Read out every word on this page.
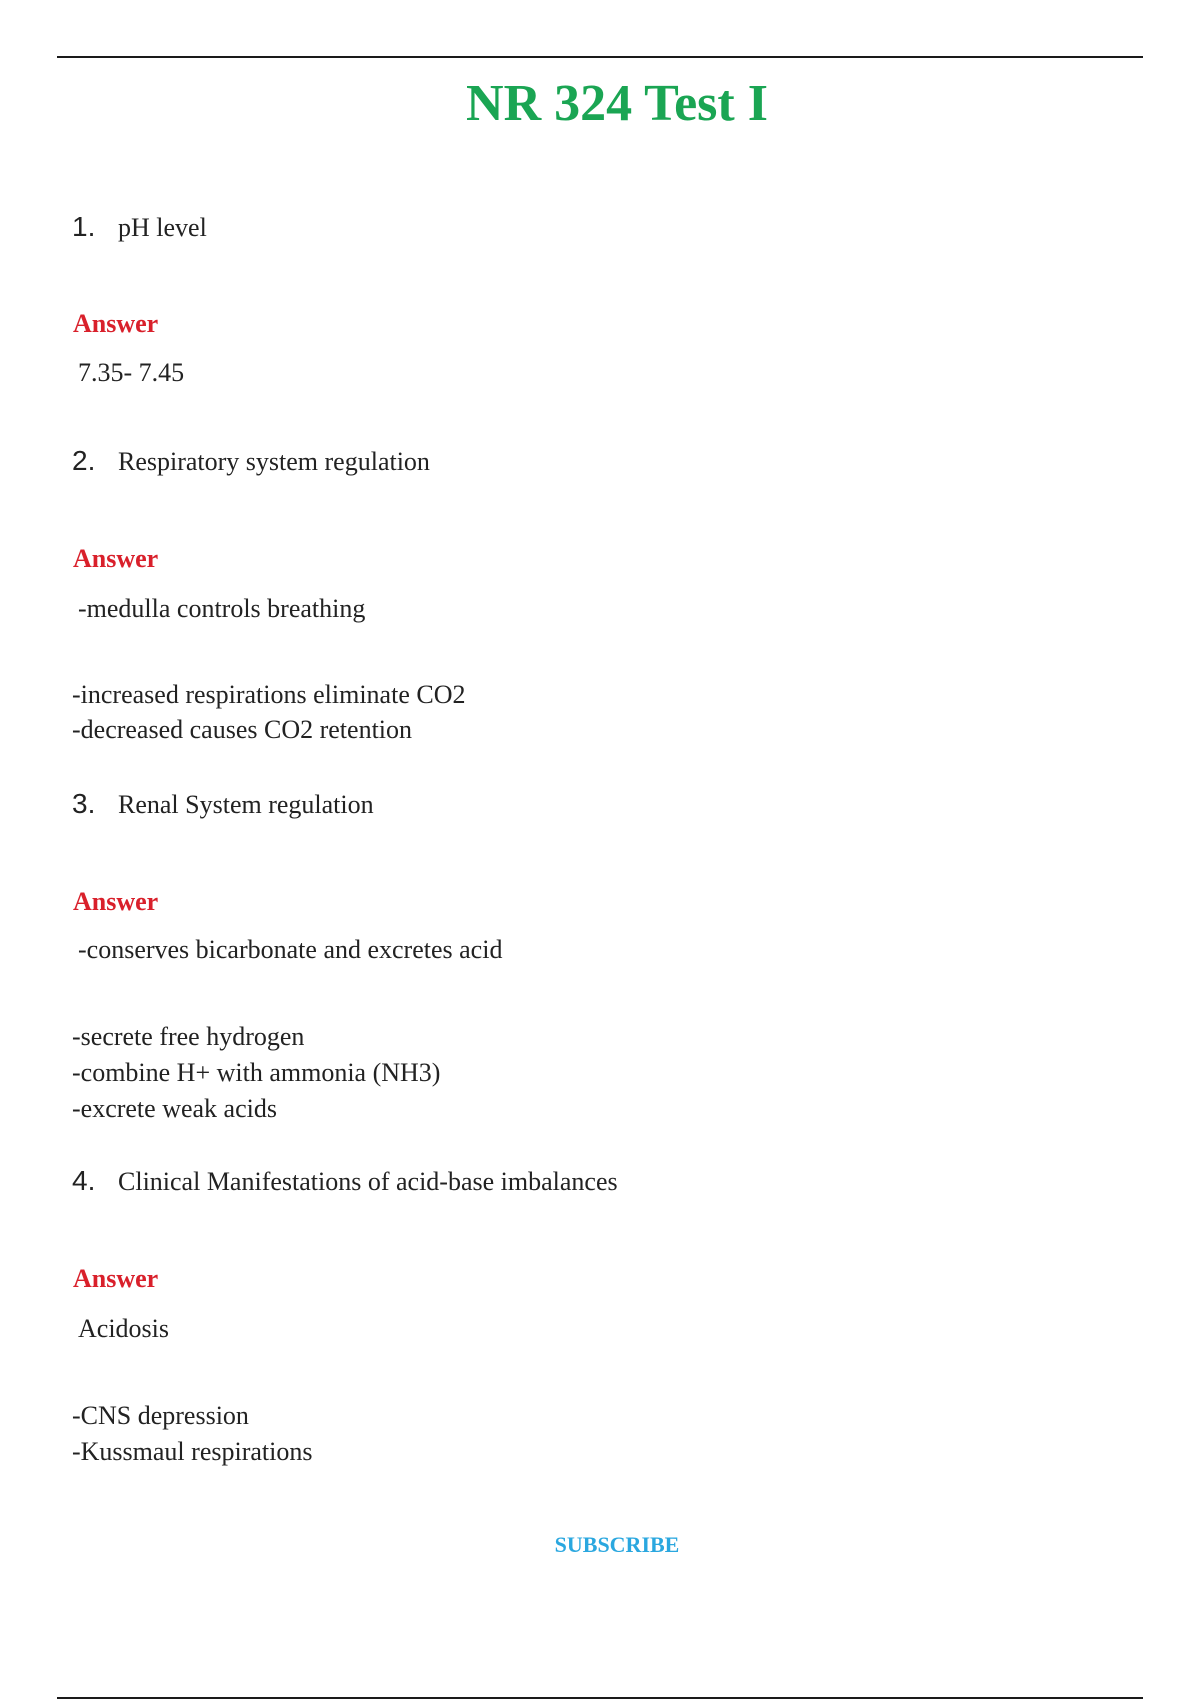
NR 324 Test I
1. pH level
Answer
7.35- 7.45
2. Respiratory system regulation
Answer
-medulla controls breathing
-increased respirations eliminate CO2
-decreased causes CO2 retention
3. Renal System regulation
Answer
-conserves bicarbonate and excretes acid
-secrete free hydrogen
-combine H+ with ammonia (NH3)
-excrete weak acids
4. Clinical Manifestations of acid-base imbalances
Answer
Acidosis
-CNS depression
-Kussmaul respirations
SUBSCRIBE
